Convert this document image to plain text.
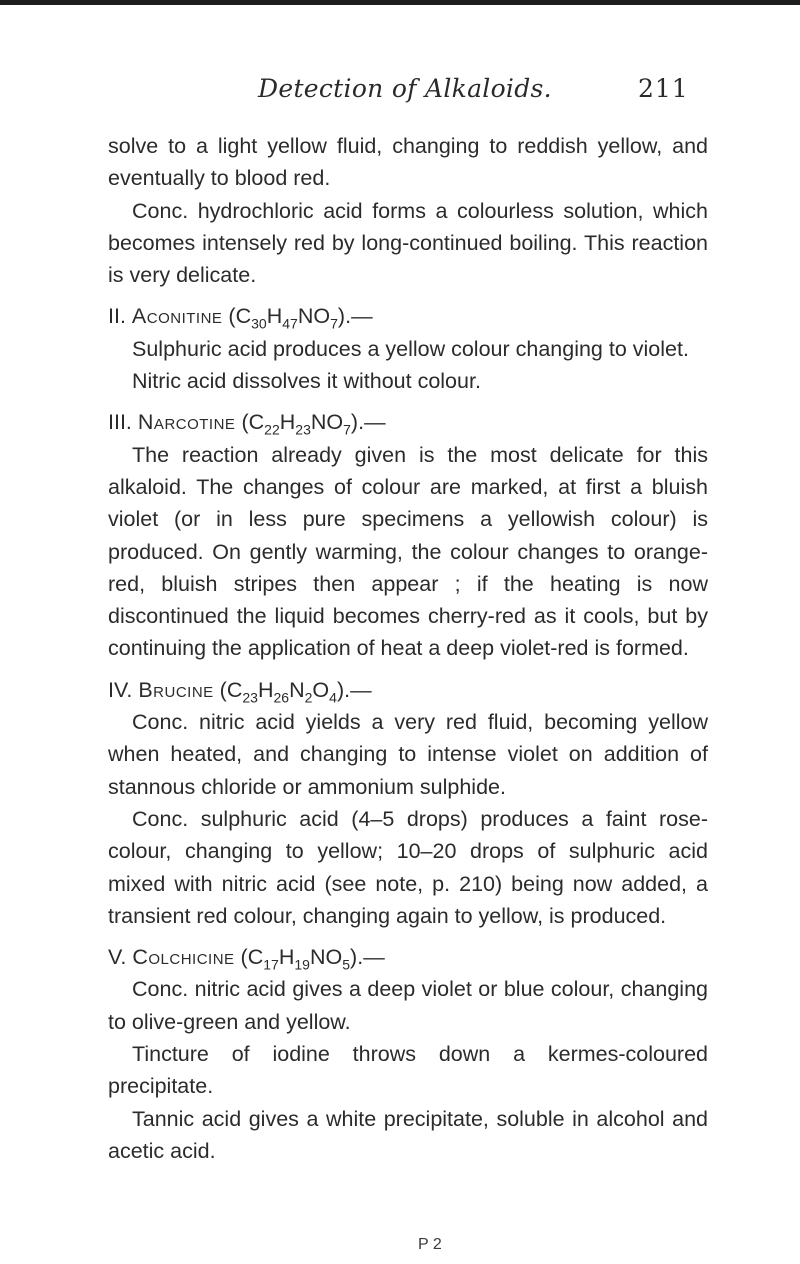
Detection of Alkaloids.	211

solve to a light yellow fluid, changing to reddish yellow, and eventually to blood red.

Conc. hydrochloric acid forms a colourless solution, which becomes intensely red by long-continued boiling. This reaction is very delicate.

II. Aconitine $(C_{30}H_{47}NO_7).—$

Sulphuric acid produces a yellow colour changing to violet.

Nitric acid dissolves it without colour.

III. Narcotine $(C_{22}H_{23}NO_7).—$

The reaction already given is the most delicate for this alkaloid. The changes of colour are marked, at first a bluish violet (or in less pure specimens a yellowish colour) is produced. On gently warming, the colour changes to orange-red, bluish stripes then appear ; if the heating is now discontinued the liquid becomes cherry-red as it cools, but by continuing the application of heat a deep violet-red is formed.

IV. Brucine $(C_{23}H_{26}N_2O_4).—$

Conc. nitric acid yields a very red fluid, becoming yellow when heated, and changing to intense violet on addition of stannous chloride or ammonium sulphide.

Conc. sulphuric acid (4–5 drops) produces a faint rose-colour, changing to yellow; 10–20 drops of sulphuric acid mixed with nitric acid (see note, p. 210) being now added, a transient red colour, changing again to yellow, is produced.

V. Colchicine $(C_{17}H_{19}NO_5).—$

Conc. nitric acid gives a deep violet or blue colour, changing to olive-green and yellow.

Tincture of iodine throws down a kermes-coloured precipitate.

Tannic acid gives a white precipitate, soluble in alcohol and acetic acid.

P 2
